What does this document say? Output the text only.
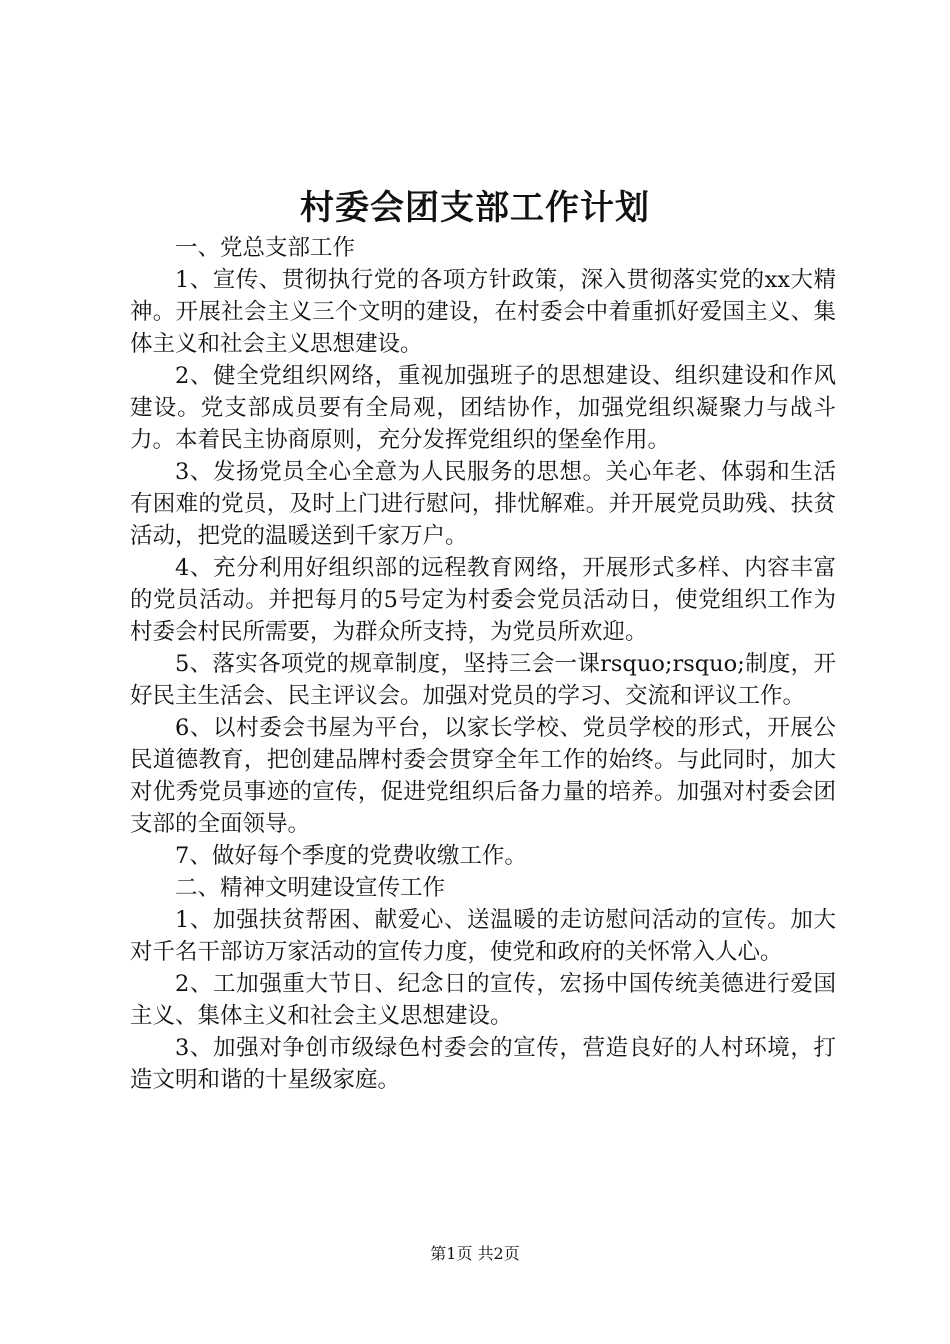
村委会团支部工作计划

一、党总支部工作

1、宣传、贯彻执行党的各项方针政策，深入贯彻落实党的xx大精神。开展社会主义三个文明的建设，在村委会中着重抓好爱国主义、集体主义和社会主义思想建设。

2、健全党组织网络，重视加强班子的思想建设、组织建设和作风建设。党支部成员要有全局观，团结协作，加强党组织凝聚力与战斗力。本着民主协商原则，充分发挥党组织的堡垒作用。

3、发扬党员全心全意为人民服务的思想。关心年老、体弱和生活有困难的党员，及时上门进行慰问，排忧解难。并开展党员助残、扶贫活动，把党的温暖送到千家万户。

4、充分利用好组织部的远程教育网络，开展形式多样、内容丰富的党员活动。并把每月的5号定为村委会党员活动日，使党组织工作为村委会村民所需要，为群众所支持，为党员所欢迎。

5、落实各项党的规章制度，坚持三会一课rsquo;rsquo;制度，开好民主生活会、民主评议会。加强对党员的学习、交流和评议工作。

6、以村委会书屋为平台，以家长学校、党员学校的形式，开展公民道德教育，把创建品牌村委会贯穿全年工作的始终。与此同时，加大对优秀党员事迹的宣传，促进党组织后备力量的培养。加强对村委会团支部的全面领导。

7、做好每个季度的党费收缴工作。

二、精神文明建设宣传工作

1、加强扶贫帮困、献爱心、送温暖的走访慰问活动的宣传。加大对千名干部访万家活动的宣传力度，使党和政府的关怀常入人心。

2、工加强重大节日、纪念日的宣传，宏扬中国传统美德进行爱国主义、集体主义和社会主义思想建设。

3、加强对争创市级绿色村委会的宣传，营造良好的人村环境，打造文明和谐的十星级家庭。

第1页 共2页
